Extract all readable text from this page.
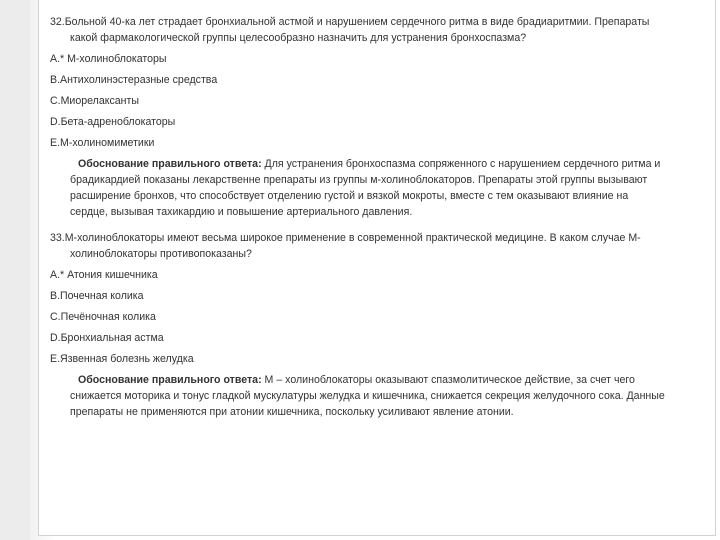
32.Больной 40-ка лет страдает бронхиальной астмой и нарушением сердечного ритма в виде брадиаритмии. Препараты какой фармакологической группы целесообразно назначить для устранения бронхоспазма?

A.* М-холиноблокаторы
B.Антихолинэстеразные средства
C.Миорелаксанты
D.Бета-адреноблокаторы
E.М-холиномиметики
Обоснование правильного ответа: Для устранения бронхоспазма сопряженного с нарушением сердечного ритма и брадикардией показаны лекарственне препараты из группы м-холиноблокаторов. Препараты этой группы вызывают расширение бронхов, что способствует отделению густой и вязкой мокроты, вместе с тем оказывают влияние на сердце, вызывая тахикардию и повышение артериального давления.

33.М-холиноблокаторы имеют весьма широкое применение в современной практической медицине. В каком случае М-холиноблокаторы противопоказаны?

A.* Атония кишечника
B.Почечная колика
C.Печёночная колика
D.Бронхиальная астма
E.Язвенная болезнь желудка
Обоснование правильного ответа: М – холиноблокаторы оказывают спазмолитическое действие, за счет чего снижается моторика и тонус гладкой мускулатуры желудка и кишечника, снижается секреция желудочного сока. Данные препараты не применяются при атонии кишечника, поскольку усиливают явление атонии.
